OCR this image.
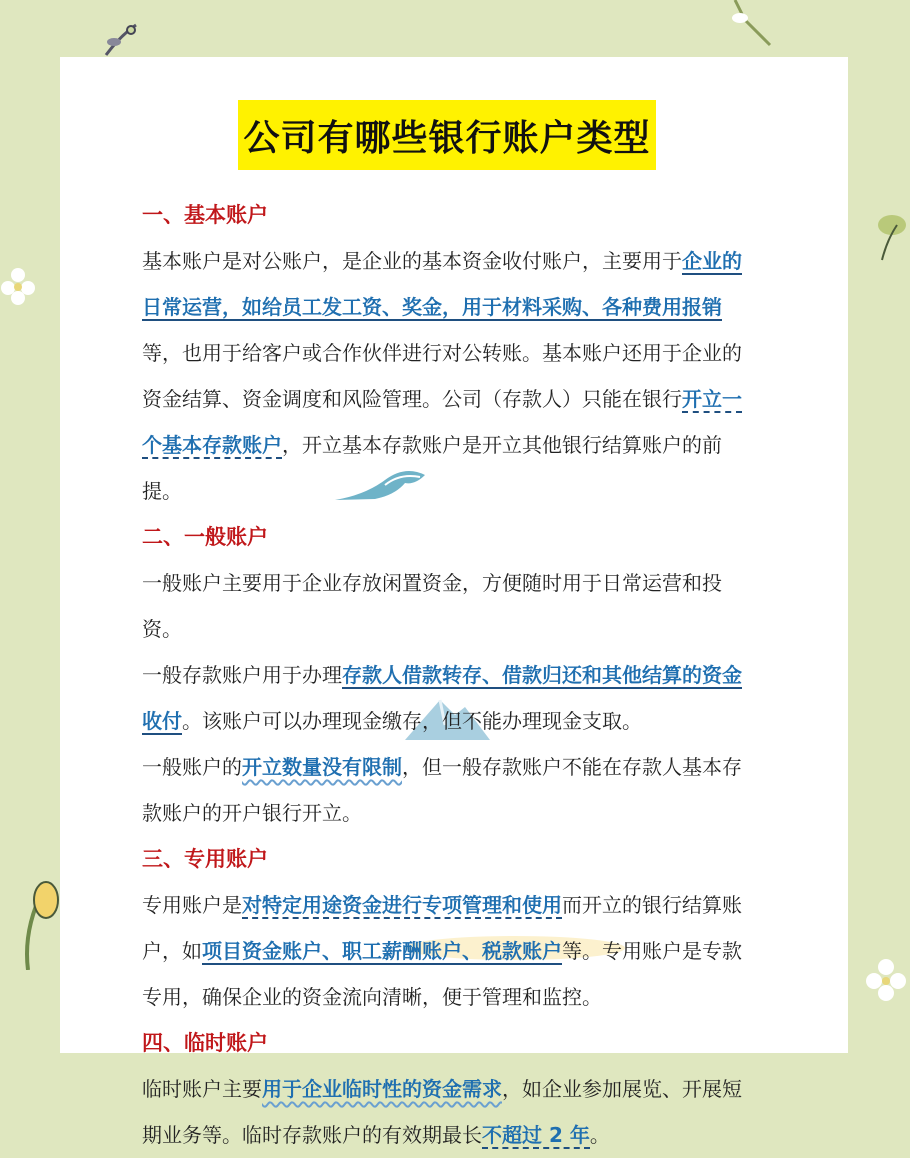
公司有哪些银行账户类型
一、基本账户

基本账户是对公账户，是企业的基本资金收付账户，主要用于企业的日常运营，如给员工发工资、奖金，用于材料采购、各种费用报销等，也用于给客户或合作伙伴进行对公转账。基本账户还用于企业的资金结算、资金调度和风险管理。公司（存款人）只能在银行开立一个基本存款账户，开立基本存款账户是开立其他银行结算账户的前提。

二、一般账户

一般账户主要用于企业存放闲置资金，方便随时用于日常运营和投资。

一般存款账户用于办理存款人借款转存、借款归还和其他结算的资金收付。该账户可以办理现金缴存，但不能办理现金支取。

一般账户的开立数量没有限制，但一般存款账户不能在存款人基本存款账户的开户银行开立。

三、专用账户

专用账户是对特定用途资金进行专项管理和使用而开立的银行结算账户，如项目资金账户、职工薪酬账户、税款账户等。专用账户是专款专用，确保企业的资金流向清晰，便于管理和监控。

四、临时账户

临时账户主要用于企业临时性的资金需求，如企业参加展览、开展短期业务等。临时存款账户的有效期最长不超过 2 年。
